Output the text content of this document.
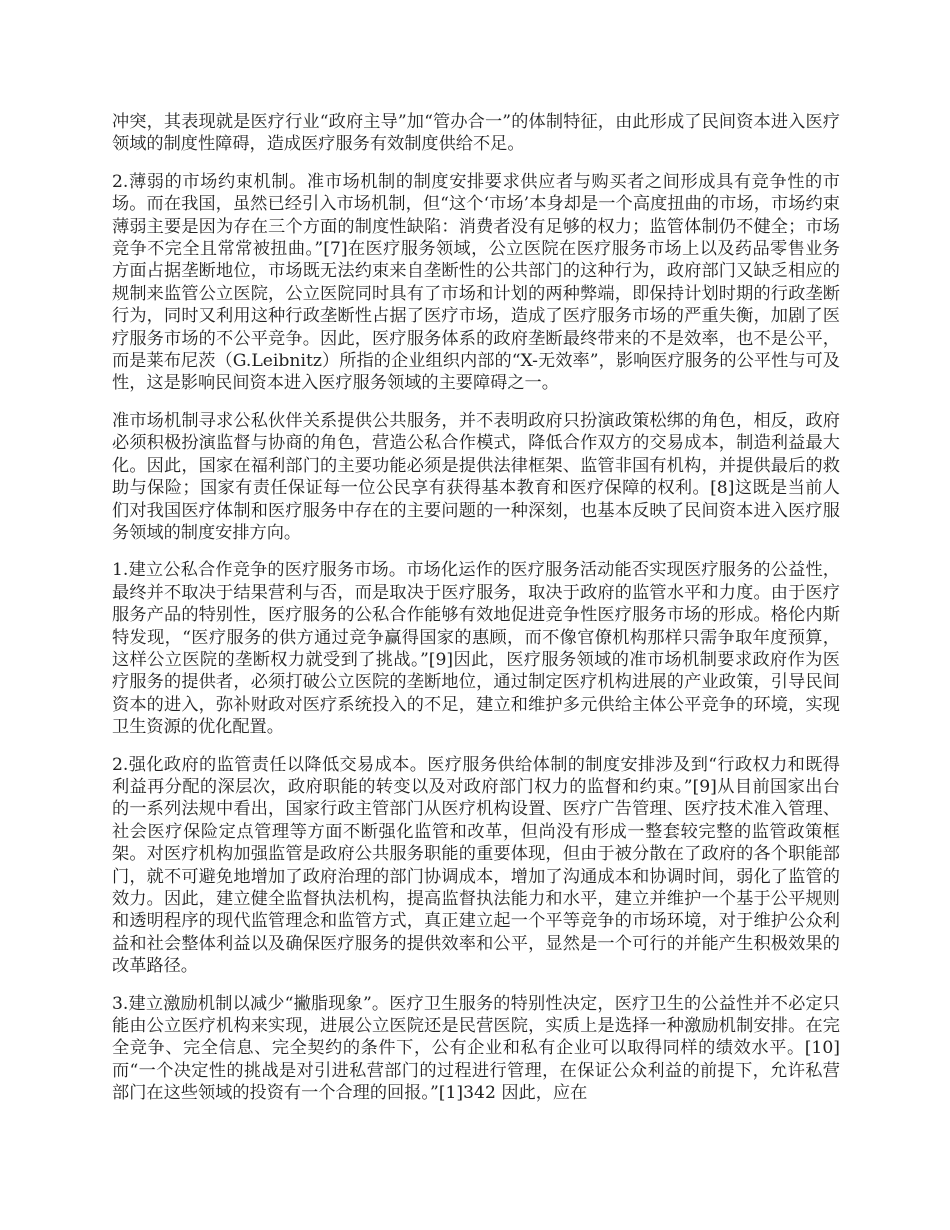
冲突，其表现就是医疗行业“政府主导”加“管办合一”的体制特征，由此形成了民间资本进入医疗领域的制度性障碍，造成医疗服务有效制度供给不足。

2.薄弱的市场约束机制。准市场机制的制度安排要求供应者与购买者之间形成具有竞争性的市场。而在我国，虽然已经引入市场机制，但“这个‘市场’本身却是一个高度扭曲的市场，市场约束薄弱主要是因为存在三个方面的制度性缺陷：消费者没有足够的权力；监管体制仍不健全；市场竞争不完全且常常被扭曲。”[7]在医疗服务领域，公立医院在医疗服务市场上以及药品零售业务方面占据垄断地位，市场既无法约束来自垄断性的公共部门的这种行为，政府部门又缺乏相应的规制来监管公立医院，公立医院同时具有了市场和计划的两种弊端，即保持计划时期的行政垄断行为，同时又利用这种行政垄断性占据了医疗市场，造成了医疗服务市场的严重失衡，加剧了医疗服务市场的不公平竞争。因此，医疗服务体系的政府垄断最终带来的不是效率，也不是公平，而是莱布尼茨（G.Leibnitz）所指的企业组织内部的“X-无效率”，影响医疗服务的公平性与可及性，这是影响民间资本进入医疗服务领域的主要障碍之一。

准市场机制寻求公私伙伴关系提供公共服务，并不表明政府只扮演政策松绑的角色，相反，政府必须积极扮演监督与协商的角色，营造公私合作模式，降低合作双方的交易成本，制造利益最大化。因此，国家在福利部门的主要功能必须是提供法律框架、监管非国有机构，并提供最后的救助与保险；国家有责任保证每一位公民享有获得基本教育和医疗保障的权利。[8]这既是当前人们对我国医疗体制和医疗服务中存在的主要问题的一种深刻，也基本反映了民间资本进入医疗服务领域的制度安排方向。

1.建立公私合作竞争的医疗服务市场。市场化运作的医疗服务活动能否实现医疗服务的公益性，最终并不取决于结果营利与否，而是取决于医疗服务，取决于政府的监管水平和力度。由于医疗服务产品的特别性，医疗服务的公私合作能够有效地促进竞争性医疗服务市场的形成。格伦内斯特发现，“医疗服务的供方通过竞争赢得国家的惠顾，而不像官僚机构那样只需争取年度预算，这样公立医院的垄断权力就受到了挑战。”[9]因此，医疗服务领域的准市场机制要求政府作为医疗服务的提供者，必须打破公立医院的垄断地位，通过制定医疗机构进展的产业政策，引导民间资本的进入，弥补财政对医疗系统投入的不足，建立和维护多元供给主体公平竞争的环境，实现卫生资源的优化配置。

2.强化政府的监管责任以降低交易成本。医疗服务供给体制的制度安排涉及到“行政权力和既得利益再分配的深层次，政府职能的转变以及对政府部门权力的监督和约束。”[9]从目前国家出台的一系列法规中看出，国家行政主管部门从医疗机构设置、医疗广告管理、医疗技术准入管理、社会医疗保险定点管理等方面不断强化监管和改革，但尚没有形成一整套较完整的监管政策框架。对医疗机构加强监管是政府公共服务职能的重要体现，但由于被分散在了政府的各个职能部门，就不可避免地增加了政府治理的部门协调成本，增加了沟通成本和协调时间，弱化了监管的效力。因此，建立健全监督执法机构，提高监督执法能力和水平，建立并维护一个基于公平规则和透明程序的现代监管理念和监管方式，真正建立起一个平等竞争的市场环境，对于维护公众利益和社会整体利益以及确保医疗服务的提供效率和公平，显然是一个可行的并能产生积极效果的改革路径。

3.建立激励机制以减少“撇脂现象”。医疗卫生服务的特别性决定，医疗卫生的公益性并不必定只能由公立医疗机构来实现，进展公立医院还是民营医院，实质上是选择一种激励机制安排。在完全竞争、完全信息、完全契约的条件下，公有企业和私有企业可以取得同样的绩效水平。[10]而“一个决定性的挑战是对引进私营部门的过程进行管理，在保证公众利益的前提下，允许私营部门在这些领域的投资有一个合理的回报。”[1]342 因此，应在
